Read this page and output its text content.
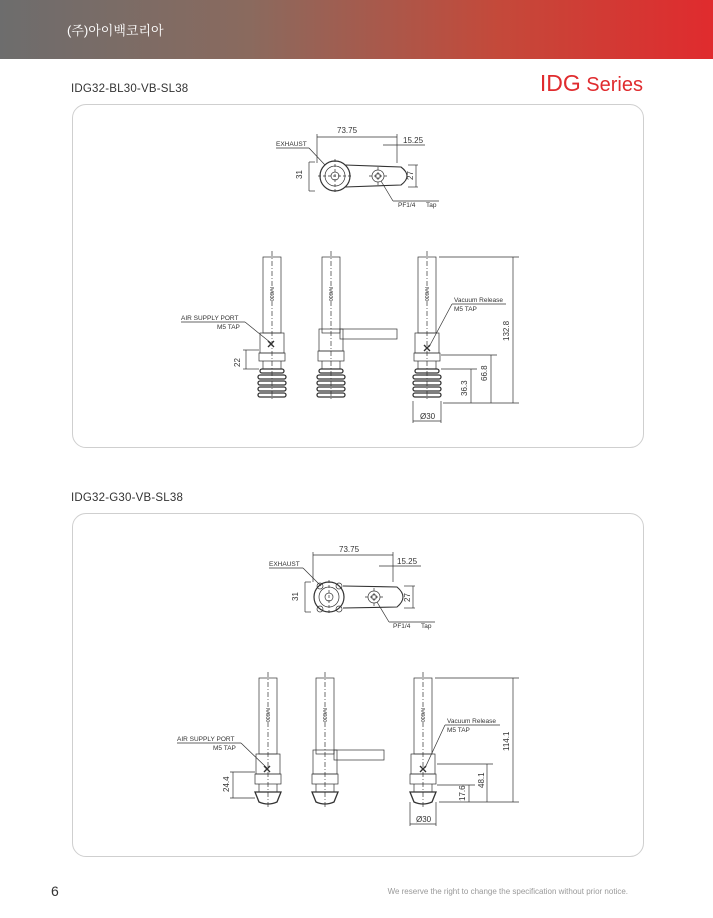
(주)아이백코리아
IDG Series
IDG32-BL30-VB-SL38
73.75
15.25
EXHAUST
31	27
PF1/4 Tap
IVG30
AIR SUPPLY PORT
M5 TAP
22
IVG30	IVG30	Vacuum Release
M5 TAP
132.8
66.8
36.3
Ø30
IDG32-G30-VB-SL38
73.75
15.25
EXHAUST
31	27
PF1/4 Tap
IVG30
AIR SUPPLY PORT
M5 TAP
24.4
IVG30	IVG30	Vacuum Release
M5 TAP
114.1
48.1
17.6
Ø30
6	We reserve the right to change the specification without prior notice.
